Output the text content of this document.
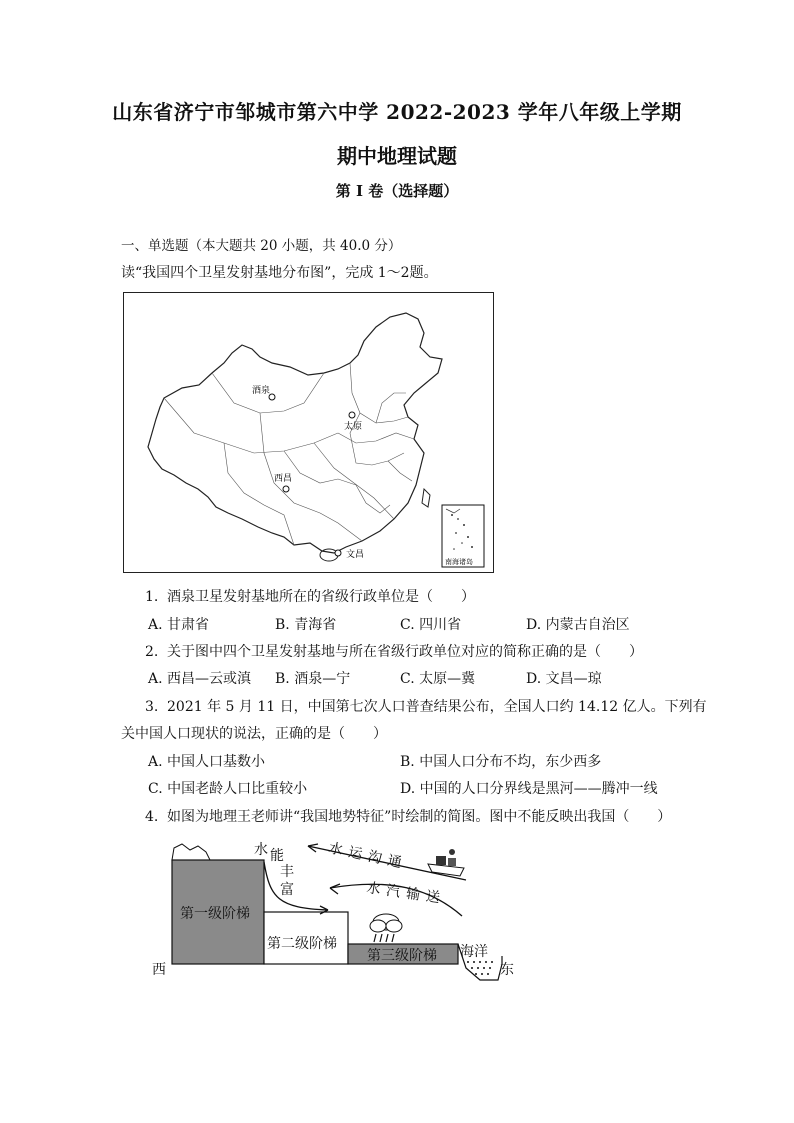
山东省济宁市邹城市第六中学 2022-2023 学年八年级上学期
期中地理试题
第 I 卷（选择题）
一、单选题（本大题共 20 小题，共 40.0 分）
读“我国四个卫星发射基地分布图”，完成 1～2题。
酒泉
太原
西昌
文昌
南海诸岛
1. 酒泉卫星发射基地所在的省级行政单位是（　　）
A. 甘肃省	B. 青海省	C. 四川省	D. 内蒙古自治区
2. 关于图中四个卫星发射基地与所在省级行政单位对应的简称正确的是（　　）
A. 西昌—云或滇 B. 酒泉—宁	C. 太原—冀	D. 文昌—琼
3. 2021 年 5 月 11 日，中国第七次人口普查结果公布，全国人口约 14.12 亿人。下列有
关中国人口现状的说法，正确的是（　　）
A. 中国人口基数小	B. 中国人口分布不均，东少西多
C. 中国老龄人口比重较小	D. 中国的人口分界线是黑河——腾冲一线
4. 如图为地理王老师讲“我国地势特征”时绘制的简图。图中不能反映出我国（　　）
第一级阶梯
第二级阶梯
第三级阶梯 海洋
西	东
水 能 丰 富
水运沟通
水汽输送
